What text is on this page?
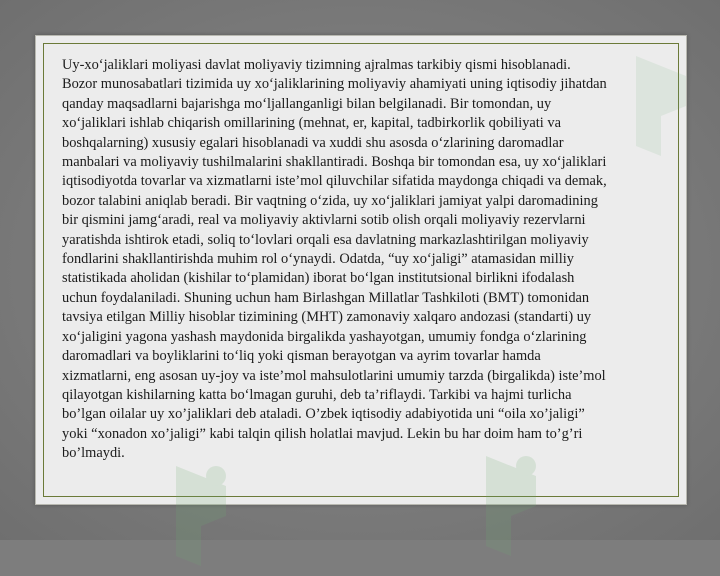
Uy-xo‘jaliklari moliyasi davlat moliyaviy tizimning ajralmas tarkibiy qismi hisoblanadi.
Bozor munosabatlari tizimida uy xo‘jaliklarining moliyaviy ahamiyati uning iqtisodiy jihatdan
qanday maqsadlarni bajarishga mo‘ljallanganligi bilan belgilanadi. Bir tomondan, uy
xo‘jaliklari ishlab chiqarish omillarining (mehnat, er, kapital, tadbirkorlik qobiliyati va
boshqalarning) xususiy egalari hisoblanadi va xuddi shu asosda o‘zlarining daromadlar
manbalari va moliyaviy tushilmalarini shakllantiradi. Boshqa bir tomondan esa, uy xo‘jaliklari
iqtisodiyotda tovarlar va xizmatlarni iste’mol qiluvchilar sifatida maydonga chiqadi va demak,
bozor talabini aniqlab beradi. Bir vaqtning o‘zida, uy xo‘jaliklari jamiyat yalpi daromadining
bir qismini jamg‘aradi, real va moliyaviy aktivlarni sotib olish orqali moliyaviy rezervlarni
yaratishda ishtirok etadi, soliq to‘lovlari orqali esa davlatning markazlashtirilgan moliyaviy
fondlarini shakllantirishda muhim rol o‘ynaydi. Odatda, “uy xo‘jaligi” atamasidan milliy
statistikada aholidan (kishilar to‘plamidan) iborat bo‘lgan institutsional birlikni ifodalash
uchun foydalaniladi. Shuning uchun ham Birlashgan Millatlar Tashkiloti (BMT) tomonidan
tavsiya etilgan Milliy hisoblar tizimining (MHT) zamonaviy xalqaro andozasi (standarti) uy
xo‘jaligini yagona yashash maydonida birgalikda yashayotgan, umumiy fondga o‘zlarining
daromadlari va boyliklarini to‘liq yoki qisman berayotgan va ayrim tovarlar hamda
xizmatlarni, eng asosan uy-joy va iste’mol mahsulotlarini umumiy tarzda (birgalikda) iste’mol
qilayotgan kishilarning katta bo‘lmagan guruhi, deb ta’riflaydi. Tarkibi va hajmi turlicha
bo’lgan oilalar uy xo’jaliklari deb ataladi. O’zbek iqtisodiy adabiyotida uni “oila xo’jaligi”
yoki “xonadon xo’jaligi” kabi talqin qilish holatlai mavjud. Lekin bu har doim ham to’g’ri
bo’lmaydi.
